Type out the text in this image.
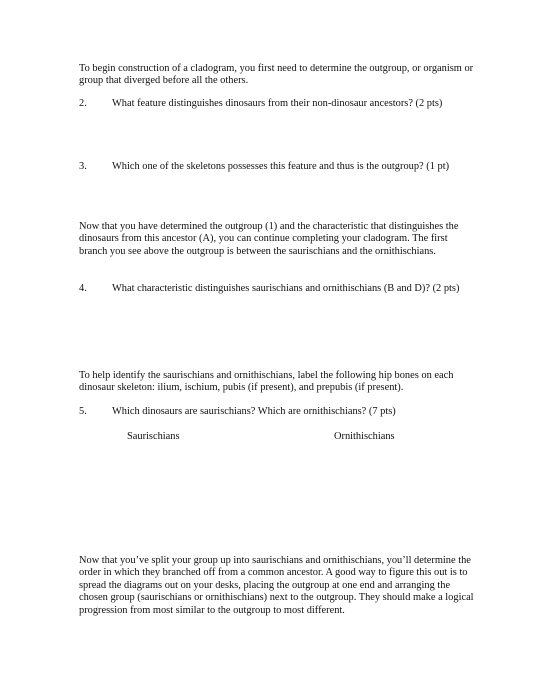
To begin construction of a cladogram, you first need to determine the outgroup, or organism or group that diverged before all the others.

2. What feature distinguishes dinosaurs from their non-dinosaur ancestors? (2 pts)

3. Which one of the skeletons possesses this feature and thus is the outgroup? (1 pt)

Now that you have determined the outgroup (1) and the characteristic that distinguishes the dinosaurs from this ancestor (A), you can continue completing your cladogram. The first branch you see above the outgroup is between the saurischians and the ornithischians.

4. What characteristic distinguishes saurischians and ornithischians (B and D)? (2 pts)

To help identify the saurischians and ornithischians, label the following hip bones on each dinosaur skeleton: ilium, ischium, pubis (if present), and prepubis (if present).

5. Which dinosaurs are saurischians? Which are ornithischians? (7 pts)

Saurischians	Ornithischians

Now that you’ve split your group up into saurischians and ornithischians, you’ll determine the order in which they branched off from a common ancestor. A good way to figure this out is to spread the diagrams out on your desks, placing the outgroup at one end and arranging the chosen group (saurischians or ornithischians) next to the outgroup. They should make a logical progression from most similar to the outgroup to most different.
